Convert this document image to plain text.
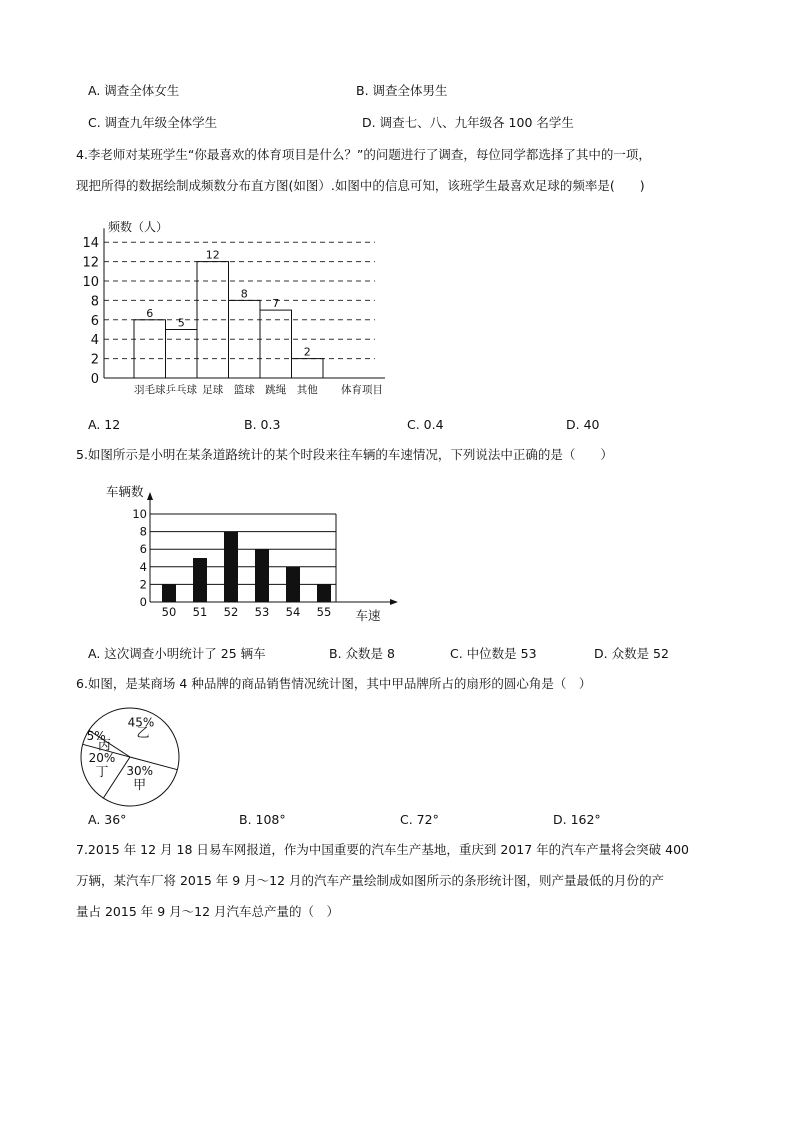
A. 调查全体女生	B. 调查全体男生
C. 调查九年级全体学生	D. 调查七、八、九年级各 100 名学生
4.李老师对某班学生“你最喜欢的体育项目是什么？”的问题进行了调查，每位同学都选择了其中的一项，
现把所得的数据绘制成频数分布直方图(如图）.如图中的信息可知，该班学生最喜欢足球的频率是(　　)
0
2
4
6
8
10
12
14
频数（人）
6
羽毛球
5
乒乓球
12
足球
8
篮球
7
跳绳
2
其他 体育项目
A. 12	B. 0.3	C. 0.4	D. 40
5.如图所示是小明在某条道路统计的某个时段来往车辆的车速情况，下列说法中正确的是（　　）
0
2
4
6
8
10
车辆数
50 51 52 53 54 55 车速
A. 这次调查小明统计了 25 辆车	B. 众数是 8	C. 中位数是 53	D. 众数是 52
6.如图，是某商场 4 种品牌的商品销售情况统计图，其中甲品牌所占的扇形的圆心角是（　）
45%
乙
30%
甲
20%
丁
5%
丙
A. 36°	B. 108°	C. 72°	D. 162°
7.2015 年 12 月 18 日易车网报道，作为中国重要的汽车生产基地，重庆到 2017 年的汽车产量将会突破 400
万辆，某汽车厂将 2015 年 9 月～12 月的汽车产量绘制成如图所示的条形统计图，则产量最低的月份的产
量占 2015 年 9 月～12 月汽车总产量的（　）
